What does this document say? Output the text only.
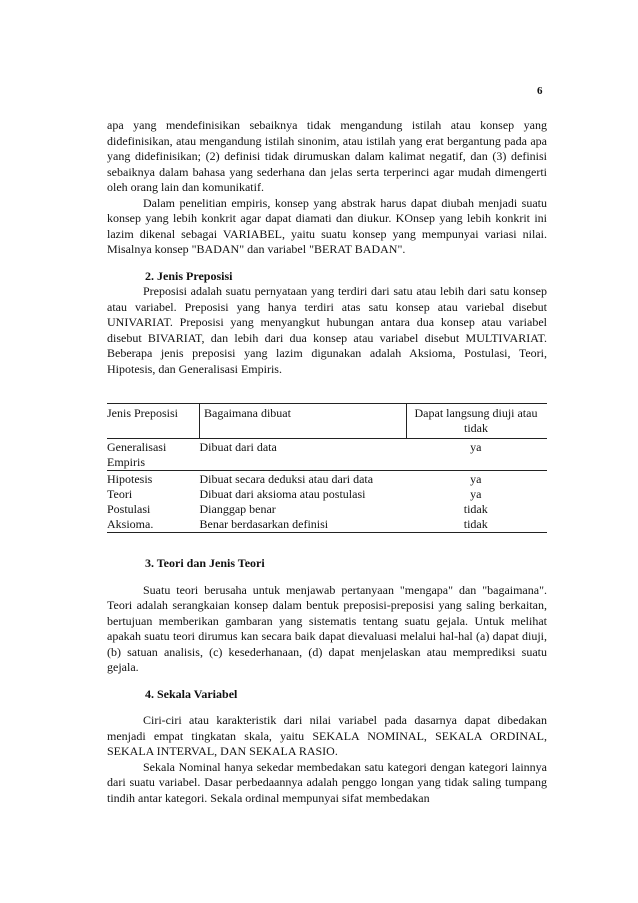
6

apa yang mendefinisikan sebaiknya tidak mengandung istilah atau konsep yang didefinisikan, atau mengandung istilah sinonim, atau istilah yang erat bergantung pada apa yang didefinisikan; (2) definisi tidak dirumuskan dalam kalimat negatif, dan (3) definisi sebaiknya dalam bahasa yang sederhana dan jelas serta terperinci agar mudah dimengerti oleh orang lain dan komunikatif.

Dalam penelitian empiris, konsep yang abstrak harus dapat diubah menjadi suatu konsep yang lebih konkrit agar dapat diamati dan diukur. KOnsep yang lebih konkrit ini lazim dikenal sebagai VARIABEL, yaitu suatu konsep yang mempunyai variasi nilai. Misalnya konsep "BADAN" dan variabel "BERAT BADAN".

2. Jenis Preposisi

Preposisi adalah suatu pernyataan yang terdiri dari satu atau lebih dari satu konsep atau variabel. Preposisi yang hanya terdiri atas satu konsep atau variebal disebut UNIVARIAT. Preposisi yang menyangkut hubungan antara dua konsep atau variabel disebut BIVARIAT, dan lebih dari dua konsep atau variabel disebut MULTIVARIAT. Beberapa jenis preposisi yang lazim digunakan adalah Aksioma, Postulasi, Teori, Hipotesis, dan Generalisasi Empiris.

Jenis Preposisi	Bagaimana dibuat	Dapat langsung diuji atau tidak
Generalisasi Empiris	Dibuat dari data	ya
Hipotesis	Dibuat secara deduksi atau dari data	ya
Teori	Dibuat dari aksioma atau postulasi	ya
Postulasi	Dianggap benar	tidak
Aksioma.	Benar berdasarkan definisi	tidak
3. Teori dan Jenis Teori

Suatu teori berusaha untuk menjawab pertanyaan "mengapa" dan "bagaimana". Teori adalah serangkaian konsep dalam bentuk preposisi-preposisi yang saling berkaitan, bertujuan memberikan gambaran yang sistematis tentang suatu gejala. Untuk melihat apakah suatu teori dirumus kan secara baik dapat dievaluasi melalui hal-hal (a) dapat diuji, (b) satuan analisis, (c) kesederhanaan, (d) dapat menjelaskan atau memprediksi suatu gejala.

4. Sekala Variabel

Ciri-ciri atau karakteristik dari nilai variabel pada dasarnya dapat dibedakan menjadi empat tingkatan skala, yaitu SEKALA NOMINAL, SEKALA ORDINAL, SEKALA INTERVAL, DAN SEKALA RASIO.

Sekala Nominal hanya sekedar membedakan satu kategori dengan kategori lainnya dari suatu variabel. Dasar perbedaannya adalah penggo longan yang tidak saling tumpang tindih antar kategori. Sekala ordinal mempunyai sifat membedakan
